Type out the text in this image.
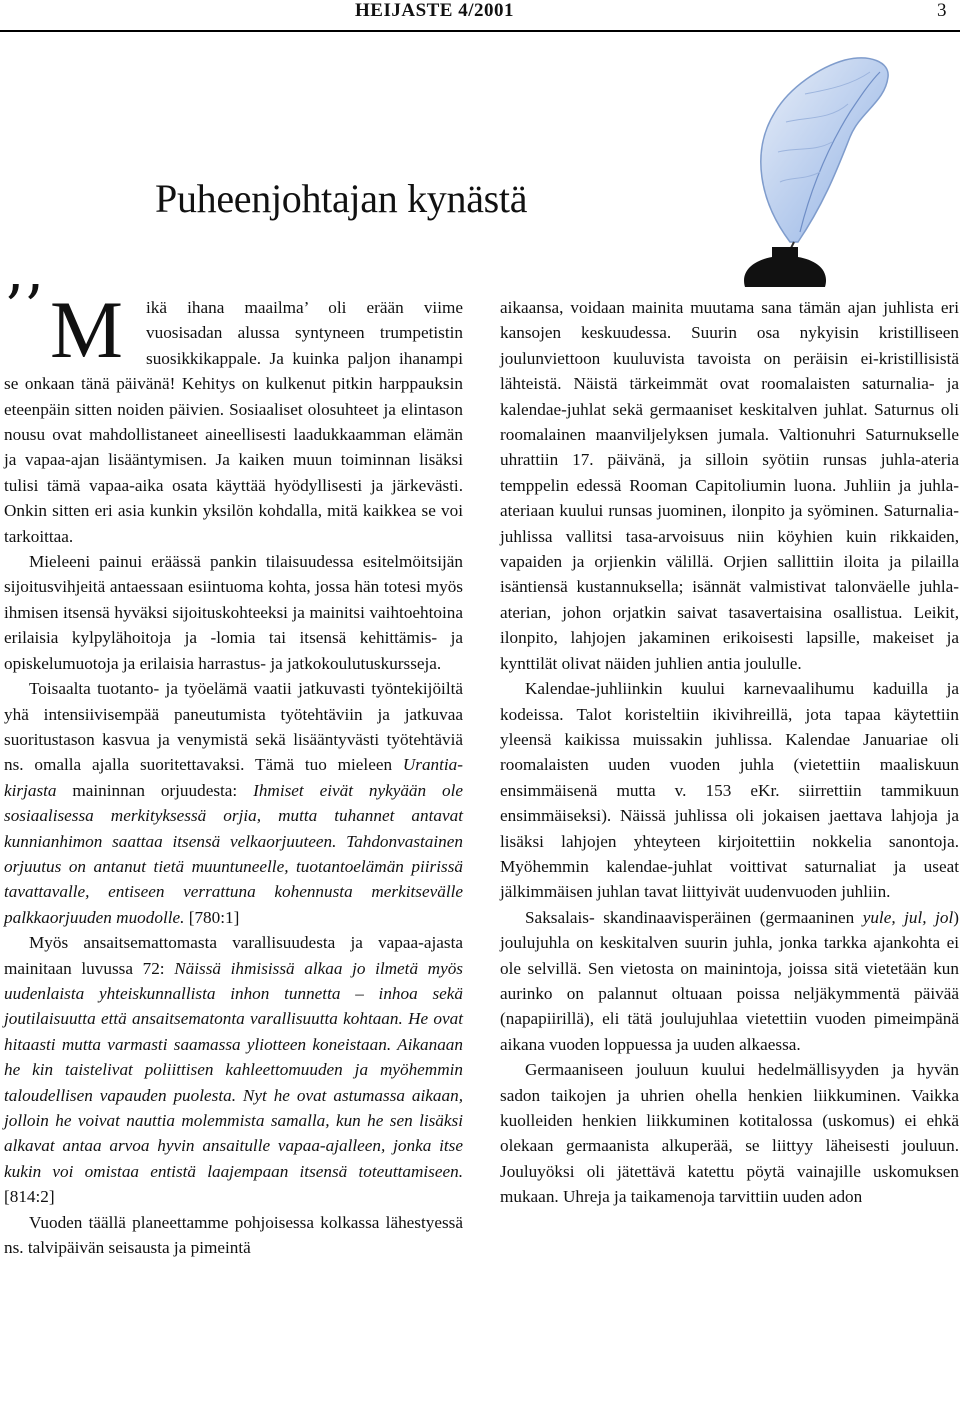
HEIJASTE 4/2001	3
Puheenjohtajan kynästä

’’ M ikä ihana maailma’ oli erään viime vuosisadan alussa syntyneen trumpetistin suosikkikappale. Ja kuinka paljon ihanampi se onkaan tänä päivänä! Kehitys on kulkenut pitkin harppauksin eteenpäin sitten noiden päivien. Sosiaaliset olosuhteet ja elintason nousu ovat mahdollistaneet aineellisesti laadukkaamman elämän ja vapaa-ajan lisääntymisen. Ja kaiken muun toiminnan lisäksi tulisi tämä vapaa-aika osata käyttää hyödyllisesti ja järkevästi. Onkin sitten eri asia kunkin yksilön kohdalla, mitä kaikkea se voi tarkoittaa.

Mieleeni painui eräässä pankin tilaisuudessa esitelmöitsijän sijoitusvihjeitä antaessaan esiintuoma kohta, jossa hän totesi myös ihmisen itsensä hyväksi sijoituskohteeksi ja mainitsi vaihtoehtoina erilaisia kylpylähoitoja ja -lomia tai itsensä kehittämis- ja opiskelumuotoja ja erilaisia harrastus- ja jatkokoulutuskursseja.

Toisaalta tuotanto- ja työelämä vaatii jatkuvasti työntekijöiltä yhä intensiivisempää paneutumista työtehtäviin ja jatkuvaa suoritustason kasvua ja venymistä sekä lisääntyvästi työtehtäviä ns. omalla ajalla suoritettavaksi. Tämä tuo mieleen Urantia-kirjasta maininnan orjuudesta: Ihmiset eivät nykyään ole sosiaalisessa merkityksessä orjia, mutta tuhannet antavat kunnianhimon saattaa itsensä velkaorjuuteen. Tahdonvastainen orjuutus on antanut tietä muuntuneelle, tuotantoelämän piirissä tavattavalle, entiseen verrattuna kohennusta merkitsevälle palkkaorjuuden muodolle. [780:1]

Myös ansaitsemattomasta varallisuudesta ja vapaa-ajasta mainitaan luvussa 72: Näissä ihmisissä alkaa jo ilmetä myös uudenlaista yhteiskunnallista inhon tunnetta – inhoa sekä joutilaisuutta että ansaitsematonta varallisuutta kohtaan. He ovat hitaasti mutta varmasti saamassa yliotteen koneistaan. Aikanaan he kin taistelivat poliittisen kahleettomuuden ja myöhemmin taloudellisen vapauden puolesta. Nyt he ovat astumassa aikaan, jolloin he voivat nauttia molemmista samalla, kun he sen lisäksi alkavat antaa arvoa hyvin ansaitulle vapaa-ajalleen, jonka itse kukin voi omistaa entistä laajempaan itsensä toteuttamiseen. [814:2]

Vuoden täällä planeettamme pohjoisessa kolkassa lähestyessä ns. talvipäivän seisausta ja pimeintä

aikaansa, voidaan mainita muutama sana tämän ajan juhlista eri kansojen keskuudessa. Suurin osa nykyisin kristilliseen joulunviettoon kuuluvista tavoista on peräisin ei-kristillisistä lähteistä. Näistä tärkeimmät ovat roomalaisten saturnalia- ja kalendae-juhlat sekä germaaniset keskitalven juhlat. Saturnus oli roomalainen maanviljelyksen jumala. Valtionuhri Saturnukselle uhrattiin 17. päivänä, ja silloin syötiin runsas juhla-ateria temppelin edessä Rooman Capitoliumin luona. Juhliin ja juhla-ateriaan kuului runsas juominen, ilonpito ja syöminen. Saturnalia-juhlissa vallitsi tasa-arvoisuus niin köyhien kuin rikkaiden, vapaiden ja orjienkin välillä. Orjien sallittiin iloita ja pilailla isäntiensä kustannuksella; isännät valmistivat talonväelle juhla-aterian, johon orjatkin saivat tasavertaisina osallistua. Leikit, ilonpito, lahjojen jakaminen erikoisesti lapsille, makeiset ja kynttilät olivat näiden juhlien antia joululle.

Kalendae-juhliinkin kuului karnevaalihumu kaduilla ja kodeissa. Talot koristeltiin ikivihreillä, jota tapaa käytettiin yleensä kaikissa muissakin juhlissa. Kalendae Januariae oli roomalaisten uuden vuoden juhla (vietettiin maaliskuun ensimmäisenä mutta v. 153 eKr. siirrettiin tammikuun ensimmäiseksi). Näissä juhlissa oli jokaisen jaettava lahjoja ja lisäksi lahjojen yhteyteen kirjoitettiin nokkelia sanontoja. Myöhemmin kalendae-juhlat voittivat saturnaliat ja useat jälkimmäisen juhlan tavat liittyivät uudenvuoden juhliin.

Saksalais- skandinaavisperäinen (germaaninen yule, jul, jol) joulujuhla on keskitalven suurin juhla, jonka tarkka ajankohta ei ole selvillä. Sen vietosta on mainintoja, joissa sitä vietetään kun aurinko on palannut oltuaan poissa neljäkymmentä päivää (napapiirillä), eli tätä joulujuhlaa vietettiin vuoden pimeimpänä aikana vuoden loppuessa ja uuden alkaessa.

Germaaniseen jouluun kuului hedelmällisyyden ja hyvän sadon taikojen ja uhrien ohella henkien liikkuminen. Vaikka kuolleiden henkien liikkuminen kotitalossa (uskomus) ei ehkä olekaan germaanista alkuperää, se liittyy läheisesti jouluun. Jouluyöksi oli jätettävä katettu pöytä vainajille uskomuksen mukaan. Uhreja ja taikamenoja tarvittiin uuden adon
